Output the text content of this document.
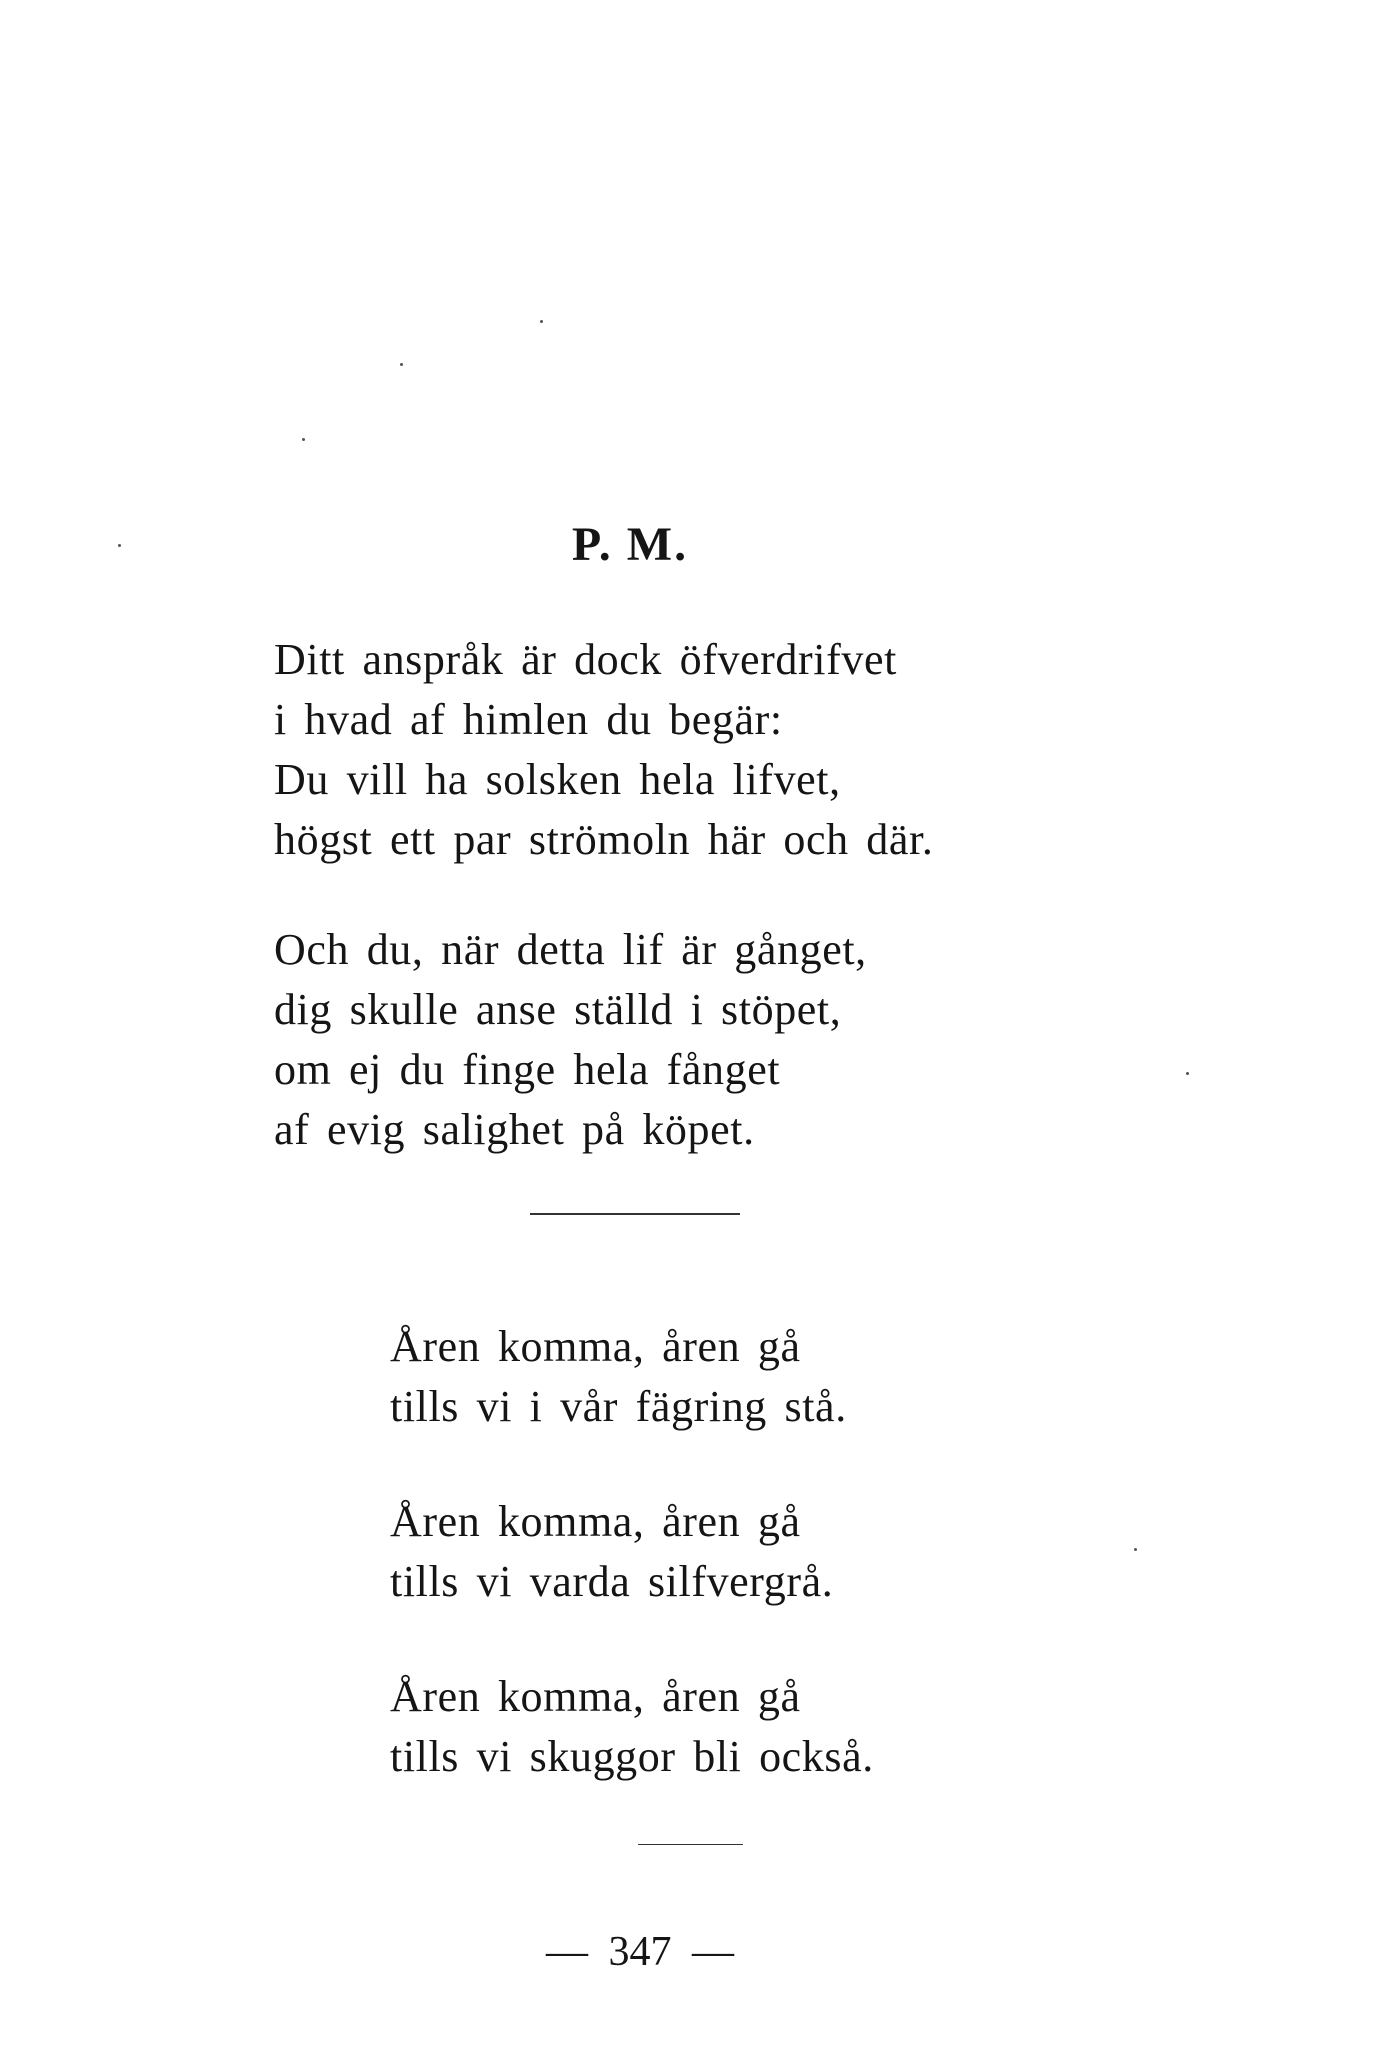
P. M.
Ditt anspråk är dock öfverdrifvet
i hvad af himlen du begär:
Du vill ha solsken hela lifvet,
högst ett par strömoln här och där.
Och du, när detta lif är gånget,
dig skulle anse ställd i stöpet,
om ej du finge hela fånget
af evig salighet på köpet.
Åren komma, åren gå
tills vi i vår fägring stå.
Åren komma, åren gå
tills vi varda silfvergrå.
Åren komma, åren gå
tills vi skuggor bli också.
— 347 —
